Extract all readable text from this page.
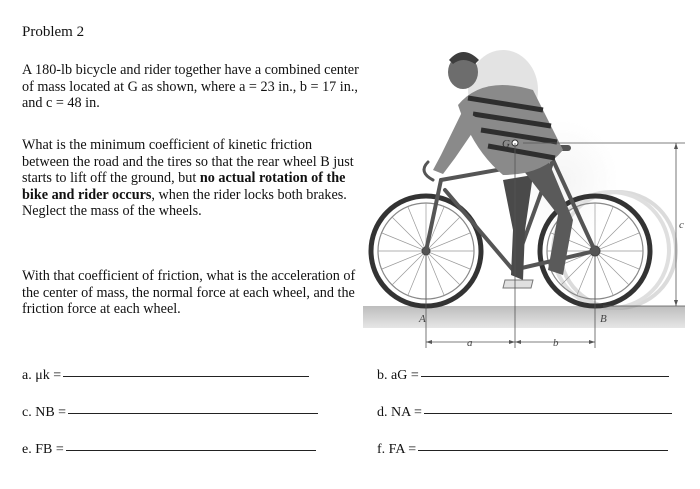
Problem 2
A 180-lb bicycle and rider together have a combined center of mass located at G as shown, where a = 23 in., b = 17 in., and c = 48 in.
What is the minimum coefficient of kinetic friction between the road and the tires so that the rear wheel B just starts to lift off the ground, but no actual rotation of the bike and rider occurs, when the rider locks both brakes. Neglect the mass of the wheels.
With that coefficient of friction, what is the acceleration of the center of mass, the normal force at each wheel, and the friction force at each wheel.
a. μk =	b. aG =
c. NB =	d. NA =
e. FB =	f. FA =
G
A	B
a	b
c
